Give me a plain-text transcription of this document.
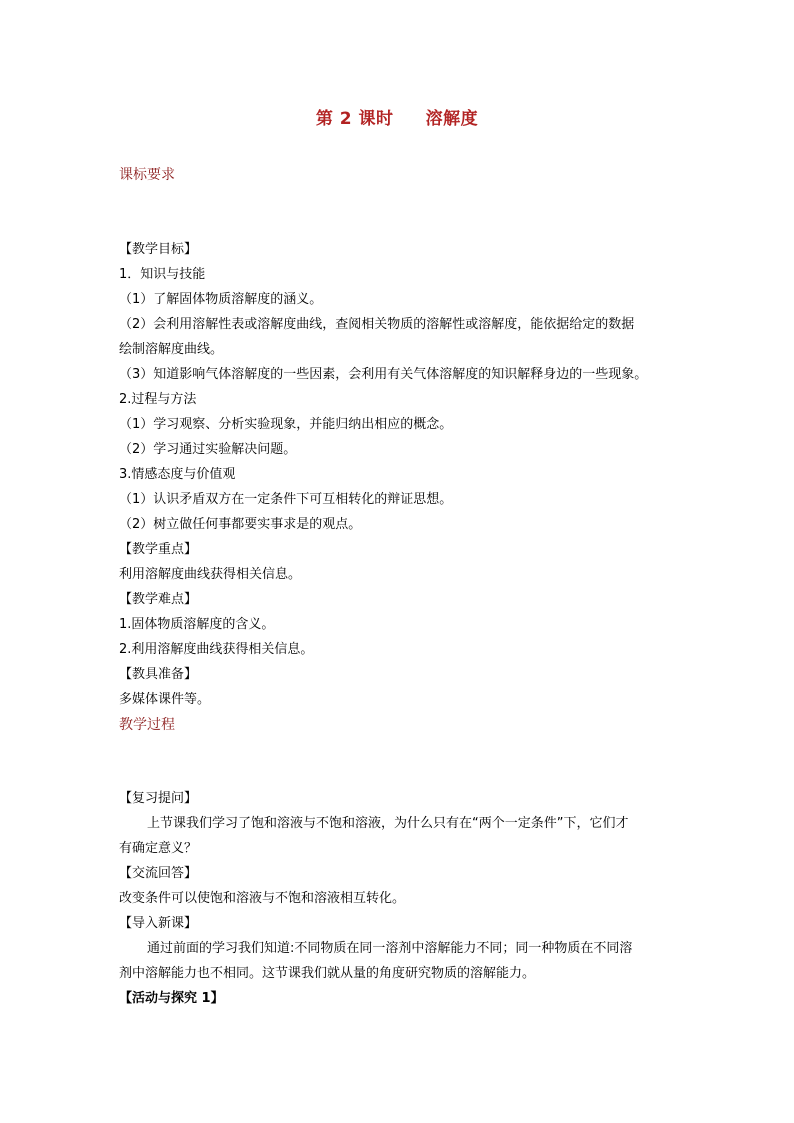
第 2 课时     溶解度
课标要求
【教学目标】
1．知识与技能
（1）了解固体物质溶解度的涵义。
（2）会利用溶解性表或溶解度曲线，查阅相关物质的溶解性或溶解度，能依据给定的数据
绘制溶解度曲线。
（3）知道影响气体溶解度的一些因素，会利用有关气体溶解度的知识解释身边的一些现象。
2.过程与方法
（1）学习观察、分析实验现象，并能归纳出相应的概念。
（2）学习通过实验解决问题。
3.情感态度与价值观
（1）认识矛盾双方在一定条件下可互相转化的辩证思想。
（2）树立做任何事都要实事求是的观点。
【教学重点】
利用溶解度曲线获得相关信息。
【教学难点】
1.固体物质溶解度的含义。
2.利用溶解度曲线获得相关信息。
【教具准备】
多媒体课件等。
教学过程
【复习提问】
上节课我们学习了饱和溶液与不饱和溶液，为什么只有在“两个一定条件”下，它们才
有确定意义？
【交流回答】
改变条件可以使饱和溶液与不饱和溶液相互转化。
【导入新课】
通过前面的学习我们知道:不同物质在同一溶剂中溶解能力不同；同一种物质在不同溶
剂中溶解能力也不相同。这节课我们就从量的角度研究物质的溶解能力。
【活动与探究 1】
